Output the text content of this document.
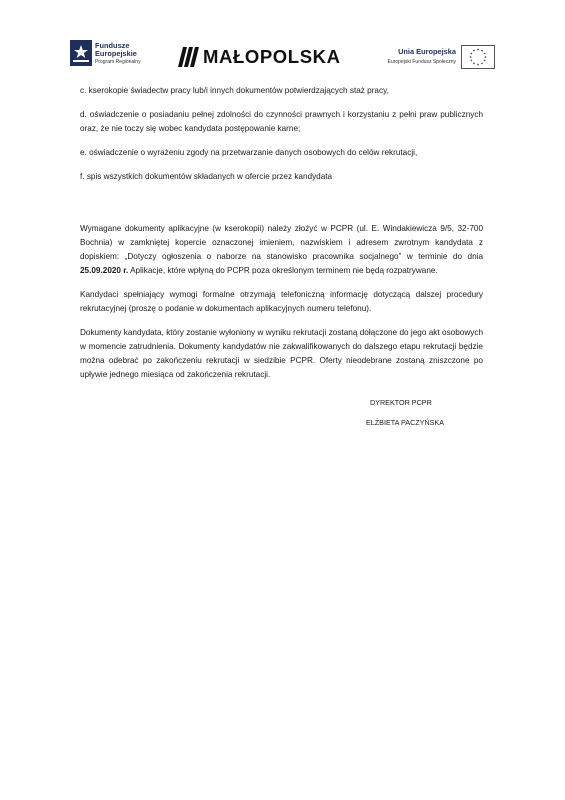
Fundusze
Europejskie
Program Regionalny	MAŁOPOLSKA	Unia Europejska
Europejski Fundusz Społeczny

c. kserokopie świadectw pracy lub/i innych dokumentów potwierdzających staż pracy,

d. oświadczenie o posiadaniu pełnej zdolności do czynności prawnych i korzystaniu z pełni praw publicznych oraz, że nie toczy się wobec kandydata postępowanie karne;

e. oświadczenie o wyrażeniu zgody na przetwarzanie danych osobowych do celów rekrutacji,

f. spis wszystkich dokumentów składanych w ofercie przez kandydata

Wymagane dokumenty aplikacyjne (w kserokopii) należy złożyć w PCPR (ul. E. Windakiewicza 9/5, 32-700 Bochnia) w zamkniętej kopercie oznaczonej imieniem, nazwiskiem i adresem zwrotnym kandydata z dopiskiem: „Dotyczy ogłoszenia o naborze na stanowisko pracownika socjalnego” w terminie do dnia 25.09.2020 r. Aplikacje, które wpłyną do PCPR poza określonym terminem nie będą rozpatrywane.

Kandydaci spełniający wymogi formalne otrzymają telefoniczną informację dotyczącą dalszej procedury rekrutacyjnej (proszę o podanie w dokumentach aplikacyjnych numeru telefonu).

Dokumenty kandydata, który zostanie wyłoniony w wyniku rekrutacji zostaną dołączone do jego akt osobowych w momencie zatrudnienia. Dokumenty kandydatów nie zakwalifikowanych do dalszego etapu rekrutacji będzie można odebrać po zakończeniu rekrutacji w siedzibie PCPR. Oferty nieodebrane zostaną zniszczone po upływie jednego miesiąca od zakończenia rekrutacji.

DYREKTOR PCPR
ELŻBIETA PACZYŃSKA
